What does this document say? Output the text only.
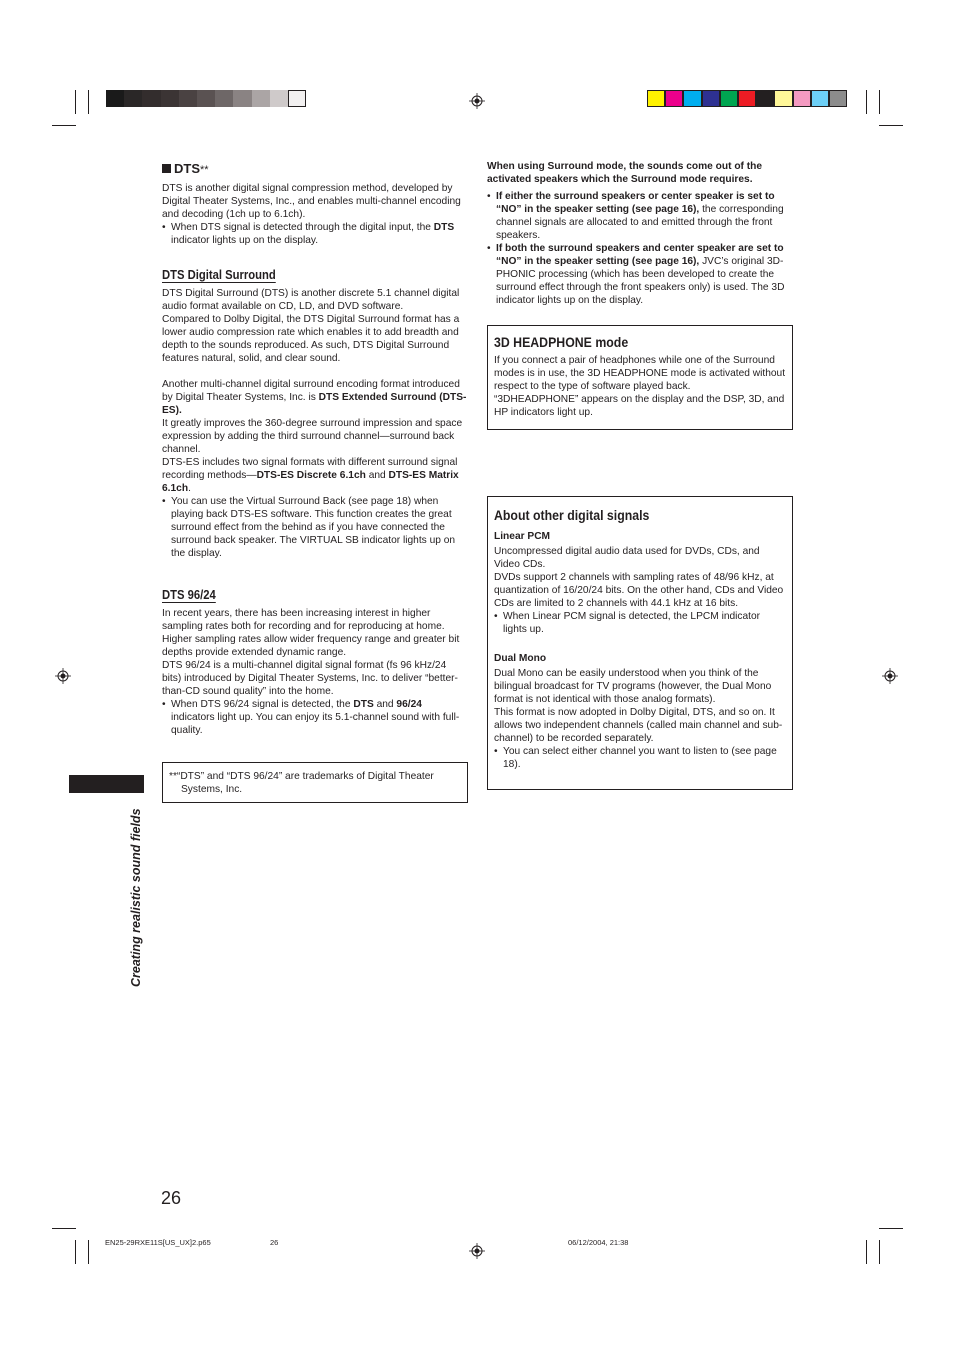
DTS**

DTS is another digital signal compression method, developed by Digital Theater Systems, Inc., and enables multi-channel encoding and decoding (1ch up to 6.1ch).

• When DTS signal is detected through the digital input, the DTS indicator lights up on the display.

DTS Digital Surround

DTS Digital Surround (DTS) is another discrete 5.1 channel digital audio format available on CD, LD, and DVD software.

Compared to Dolby Digital, the DTS Digital Surround format has a lower audio compression rate which enables it to add breadth and depth to the sounds reproduced. As such, DTS Digital Surround features natural, solid, and clear sound.

Another multi-channel digital surround encoding format introduced by Digital Theater Systems, Inc. is DTS Extended Surround (DTS-ES).

It greatly improves the 360-degree surround impression and space expression by adding the third surround channel—surround back channel.

DTS-ES includes two signal formats with different surround signal recording methods—DTS-ES Discrete 6.1ch and DTS-ES Matrix 6.1ch.

• You can use the Virtual Surround Back (see page 18) when playing back DTS-ES software. This function creates the great surround effect from the behind as if you have connected the surround back speaker. The VIRTUAL SB indicator lights up on the display.

DTS 96/24

In recent years, there has been increasing interest in higher sampling rates both for recording and for reproducing at home. Higher sampling rates allow wider frequency range and greater bit depths provide extended dynamic range.

DTS 96/24 is a multi-channel digital signal format (fs 96 kHz/24 bits) introduced by Digital Theater Systems, Inc. to deliver “better-than-CD sound quality” into the home.

• When DTS 96/24 signal is detected, the DTS and 96/24 indicators light up. You can enjoy its 5.1-channel sound with full-quality.

**“DTS” and “DTS 96/24” are trademarks of Digital Theater Systems, Inc.

When using Surround mode, the sounds come out of the activated speakers which the Surround mode requires.

• If either the surround speakers or center speaker is set to “NO” in the speaker setting (see page 16), the corresponding channel signals are allocated to and emitted through the front speakers.

• If both the surround speakers and center speaker are set to “NO” in the speaker setting (see page 16), JVC’s original 3D-PHONIC processing (which has been developed to create the surround effect through the front speakers only) is used. The 3D indicator lights up on the display.

3D HEADPHONE mode

If you connect a pair of headphones while one of the Surround modes is in use, the 3D HEADPHONE mode is activated without respect to the type of software played back.

“3DHEADPHONE” appears on the display and the DSP, 3D, and HP indicators light up.

About other digital signals
Linear PCM

Uncompressed digital audio data used for DVDs, CDs, and Video CDs.

DVDs support 2 channels with sampling rates of 48/96 kHz, at quantization of 16/20/24 bits. On the other hand, CDs and Video CDs are limited to 2 channels with 44.1 kHz at 16 bits.

• When Linear PCM signal is detected, the LPCM indicator lights up.

Dual Mono

Dual Mono can be easily understood when you think of the bilingual broadcast for TV programs (however, the Dual Mono format is not identical with those analog formats).

This format is now adopted in Dolby Digital, DTS, and so on. It allows two independent channels (called main channel and sub-channel) to be recorded separately.

• You can select either channel you want to listen to (see page 18).

Creating realistic sound fields
26
EN25-29RXE11S[US_UX]2.p65	26	06/12/2004, 21:38
